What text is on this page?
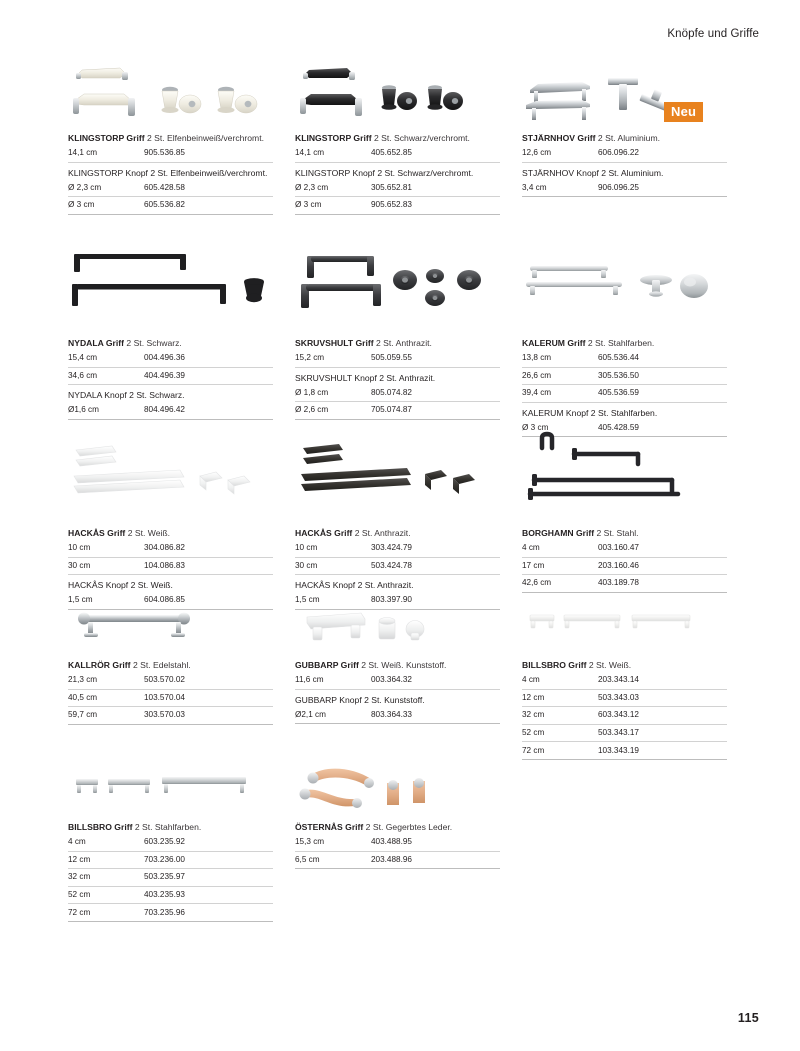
Knöpfe und Griffe
KLINGSTORP Griff 2 St. Elfenbeinweiß/verchromt.
14,1 cm	905.536.85
KLINGSTORP Knopf 2 St. Elfenbeinweiß/verchromt.
Ø 2,3 cm	605.428.58
Ø 3 cm	605.536.82
KLINGSTORP Griff 2 St. Schwarz/verchromt.
14,1 cm	405.652.85
KLINGSTORP Knopf 2 St. Schwarz/verchromt.
Ø 2,3 cm	305.652.81
Ø 3 cm	905.652.83
Neu
STJÄRNHOV Griff 2 St. Aluminium.
12,6 cm	606.096.22
STJÄRNHOV Knopf 2 St. Aluminium.
3,4 cm	906.096.25
NYDALA Griff 2 St. Schwarz.
15,4 cm	004.496.36
34,6 cm	404.496.39
NYDALA Knopf 2 St. Schwarz.
Ø1,6 cm	804.496.42
SKRUVSHULT Griff 2 St. Anthrazit.
15,2 cm	505.059.55
SKRUVSHULT Knopf 2 St. Anthrazit.
Ø 1,8 cm	805.074.82
Ø 2,6 cm	705.074.87
KALERUM Griff 2 St. Stahlfarben.
13,8 cm	605.536.44
26,6 cm	305.536.50
39,4 cm	405.536.59
KALERUM Knopf 2 St. Stahlfarben.
Ø 3 cm	405.428.59
HACKÅS Griff 2 St. Weiß.
10 cm	304.086.82
30 cm	104.086.83
HACKÅS Knopf 2 St. Weiß.
1,5 cm	604.086.85
HACKÅS Griff 2 St. Anthrazit.
10 cm	303.424.79
30 cm	503.424.78
HACKÅS Knopf 2 St. Anthrazit.
1,5 cm	803.397.90
BORGHAMN Griff 2 St. Stahl.
4 cm	003.160.47
17 cm	203.160.46
42,6 cm	403.189.78
KALLRÖR Griff 2 St. Edelstahl.
21,3 cm	503.570.02
40,5 cm	103.570.04
59,7 cm	303.570.03
GUBBARP Griff 2 St. Weiß. Kunststoff.
11,6 cm	003.364.32
GUBBARP Knopf 2 St. Kunststoff.
Ø2,1 cm	803.364.33
BILLSBRO Griff 2 St. Weiß.
4 cm	203.343.14
12 cm	503.343.03
32 cm	603.343.12
52 cm	503.343.17
72 cm	103.343.19
BILLSBRO Griff 2 St. Stahlfarben.
4 cm	603.235.92
12 cm	703.236.00
32 cm	503.235.97
52 cm	403.235.93
72 cm	703.235.96
ÖSTERNÅS Griff 2 St. Gegerbtes Leder.
15,3 cm	403.488.95
6,5 cm	203.488.96
115
